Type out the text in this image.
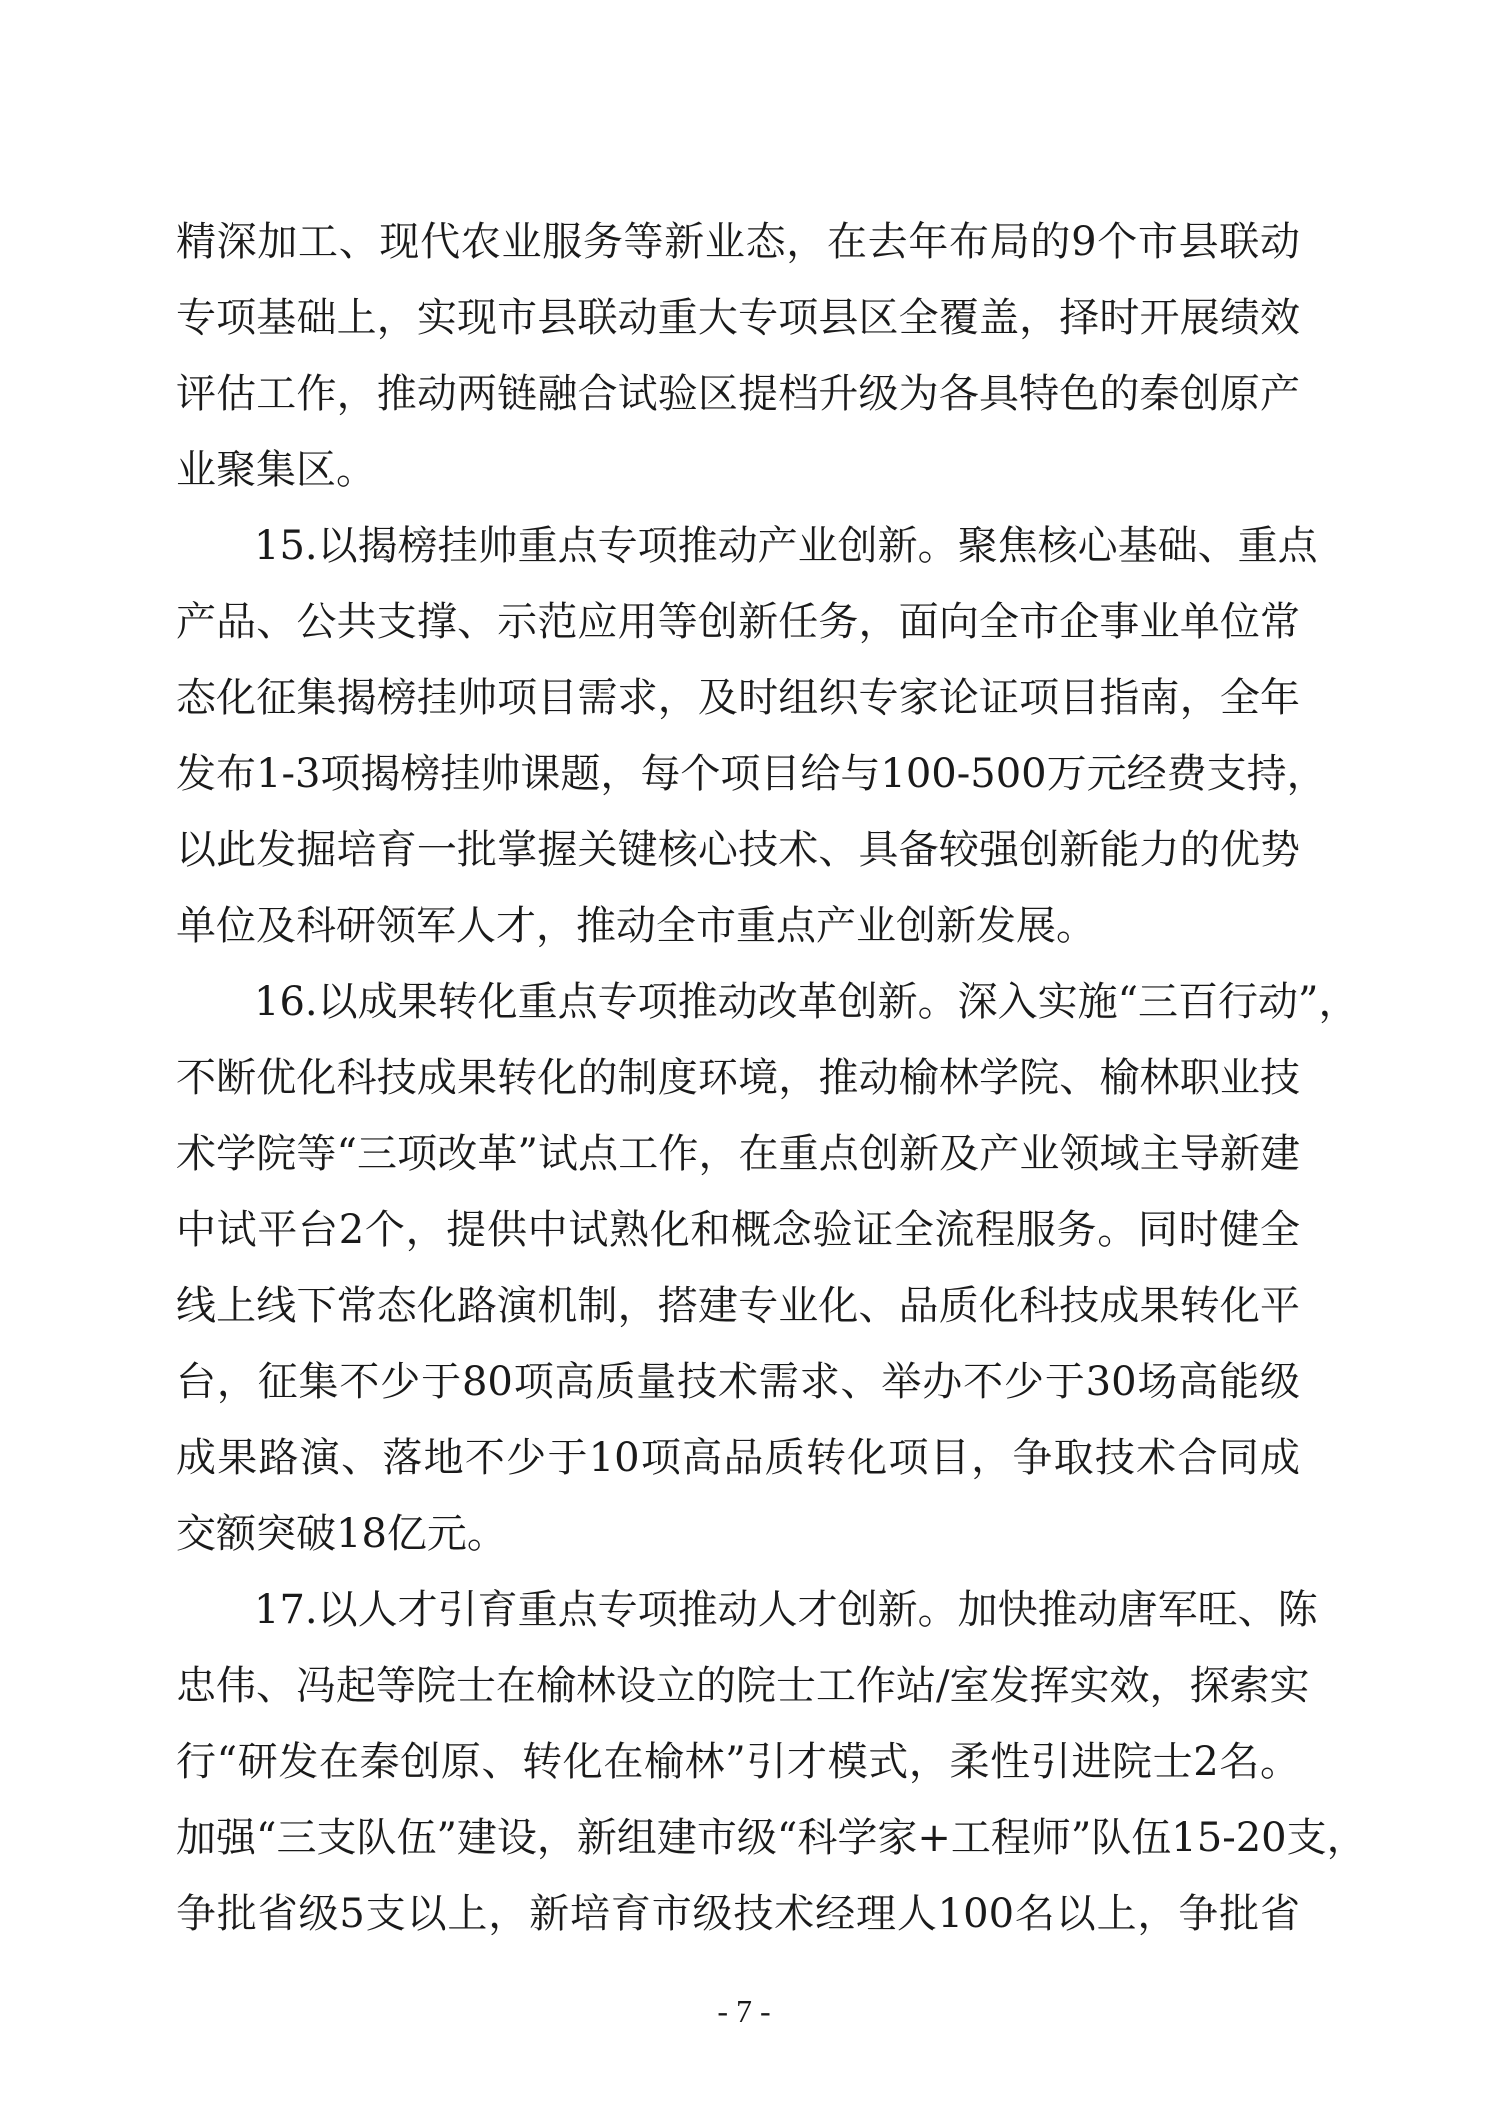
精深加工、现代农业服务等新业态，在去年布局的9个市县联动
专项基础上，实现市县联动重大专项县区全覆盖，择时开展绩效
评估工作，推动两链融合试验区提档升级为各具特色的秦创原产
业聚集区。
15.以揭榜挂帅重点专项推动产业创新。聚焦核心基础、重点
产品、公共支撑、示范应用等创新任务，面向全市企事业单位常
态化征集揭榜挂帅项目需求，及时组织专家论证项目指南，全年
发布1-3项揭榜挂帅课题，每个项目给与100-500万元经费支持，
以此发掘培育一批掌握关键核心技术、具备较强创新能力的优势
单位及科研领军人才，推动全市重点产业创新发展。
16.以成果转化重点专项推动改革创新。深入实施“三百行动”，
不断优化科技成果转化的制度环境，推动榆林学院、榆林职业技
术学院等“三项改革”试点工作，在重点创新及产业领域主导新建
中试平台2个，提供中试熟化和概念验证全流程服务。同时健全
线上线下常态化路演机制，搭建专业化、品质化科技成果转化平
台，征集不少于80项高质量技术需求、举办不少于30场高能级
成果路演、落地不少于10项高品质转化项目，争取技术合同成
交额突破18亿元。
17.以人才引育重点专项推动人才创新。加快推动唐军旺、陈
忠伟、冯起等院士在榆林设立的院士工作站/室发挥实效，探索实
行“研发在秦创原、转化在榆林”引才模式，柔性引进院士2名。
加强“三支队伍”建设，新组建市级“科学家+工程师”队伍15-20支，
争批省级5支以上，新培育市级技术经理人100名以上，争批省
- 7 -
